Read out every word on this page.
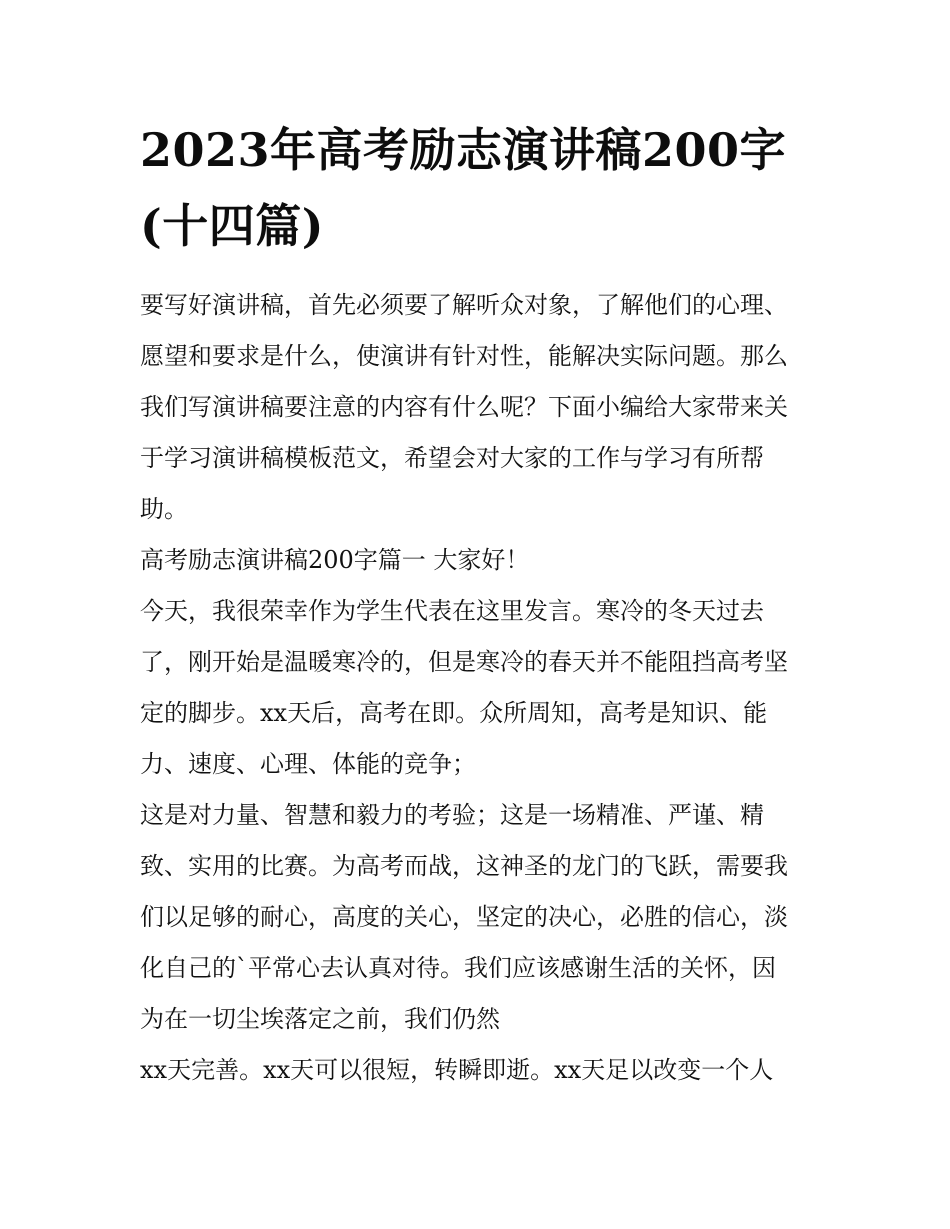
2023年高考励志演讲稿200字
(十四篇)

要写好演讲稿，首先必须要了解听众对象，了解他们的心理、
愿望和要求是什么，使演讲有针对性，能解决实际问题。那么
我们写演讲稿要注意的内容有什么呢？下面小编给大家带来关
于学习演讲稿模板范文，希望会对大家的工作与学习有所帮
助。

高考励志演讲稿200字篇一 大家好！

今天，我很荣幸作为学生代表在这里发言。寒冷的冬天过去
了，刚开始是温暖寒冷的，但是寒冷的春天并不能阻挡高考坚
定的脚步。xx天后，高考在即。众所周知，高考是知识、能
力、速度、心理、体能的竞争；

这是对力量、智慧和毅力的考验；这是一场精准、严谨、精
致、实用的比赛。为高考而战，这神圣的龙门的飞跃，需要我
们以足够的耐心，高度的关心，坚定的决心，必胜的信心，淡
化自己的`平常心去认真对待。我们应该感谢生活的关怀，因
为在一切尘埃落定之前，我们仍然

xx天完善。xx天可以很短，转瞬即逝。xx天足以改变一个人
